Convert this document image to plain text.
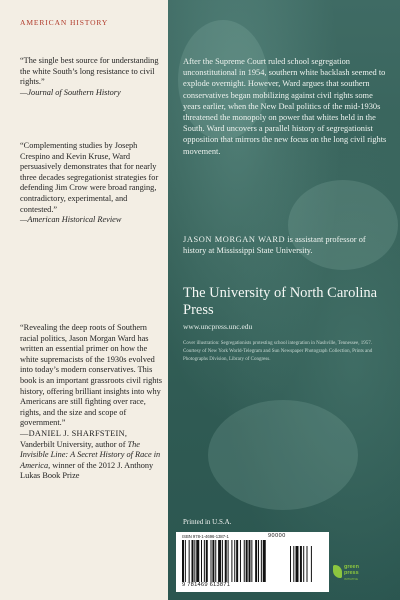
AMERICAN HISTORY
“The single best source for understanding the white South’s long resistance to civil rights.”
—Journal of Southern History
“Complementing studies by Joseph Crespino and Kevin Kruse, Ward persuasively demonstrates that for nearly three decades segregationist strategies for defending Jim Crow were broad ranging, contradictory, experimental, and contested.”
—American Historical Review
“Revealing the deep roots of Southern racial politics, Jason Morgan Ward has written an essential primer on how the white supremacists of the 1930s evolved into today’s modern conservatives. This book is an important grassroots civil rights history, offering brilliant insights into why Americans are still fighting over race, rights, and the size and scope of government.”
—DANIEL J. SHARFSTEIN, Vanderbilt University, author of The Invisible Line: A Secret History of Race in America, winner of the 2012 J. Anthony Lukas Book Prize
After the Supreme Court ruled school segregation unconstitutional in 1954, southern white backlash seemed to explode overnight. However, Ward argues that southern conservatives began mobilizing against civil rights some years earlier, when the New Deal politics of the mid-1930s threatened the monopoly on power that whites held in the South. Ward uncovers a parallel history of segregationist opposition that mirrors the new focus on the long civil rights movement.
JASON MORGAN WARD is assistant professor of history at Mississippi State University.
The University of North Carolina Press
www.uncpress.unc.edu
Cover illustration: Segregationists protesting school integration in Nashville, Tennessee, 1957. Courtesy of New York World-Telegram and Sun Newspaper Photograph Collection, Prints and Photographs Division, Library of Congress.
Printed in U.S.A.
ISBN 978-1-4696-1387-1	90000
9 781469 613871
green
press
INITIATIVE
